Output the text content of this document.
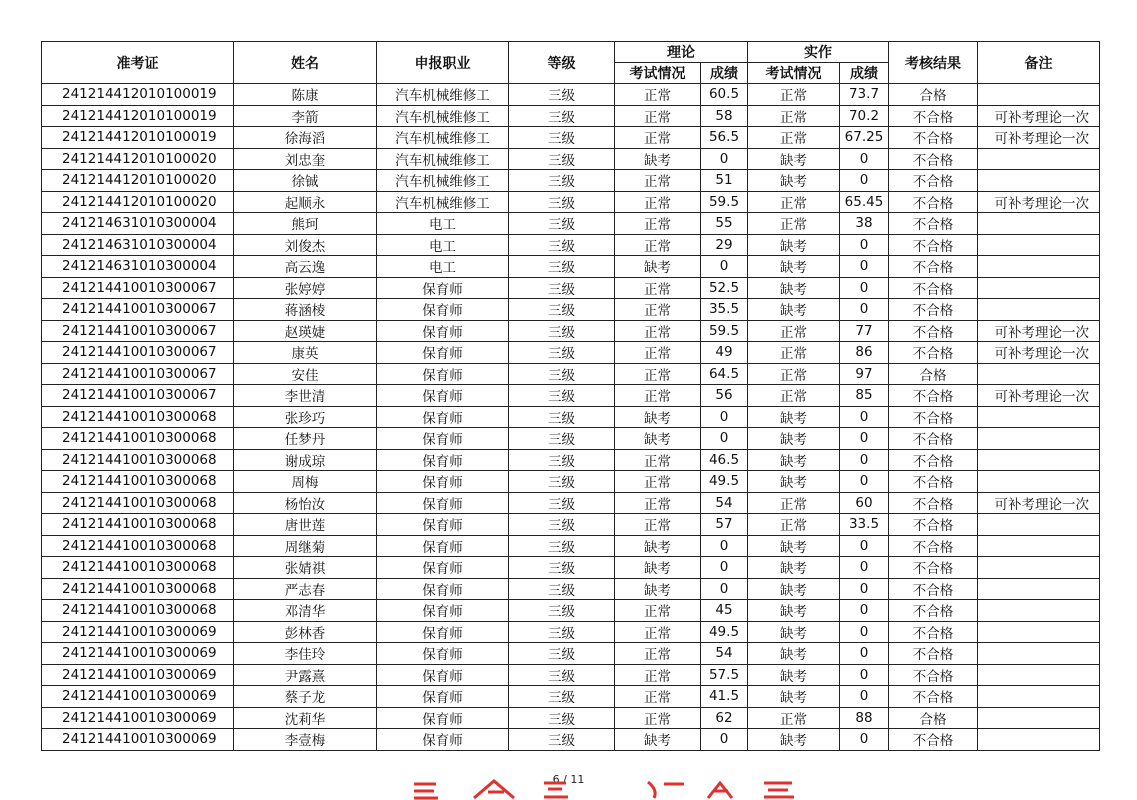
准考证	姓名	申报职业	等级	理论		实作		考核结果	备注
				考试情况	成绩	考试情况	成绩		
241214412010100019	陈康	汽车机械维修工	三级	正常	60.5	正常	73.7	合格	
241214412010100019	李箭	汽车机械维修工	三级	正常	58	正常	70.2	不合格	可补考理论一次
241214412010100019	徐海滔	汽车机械维修工	三级	正常	56.5	正常	67.25	不合格	可补考理论一次
241214412010100020	刘忠奎	汽车机械维修工	三级	缺考	0	缺考	0	不合格	
241214412010100020	徐铖	汽车机械维修工	三级	正常	51	缺考	0	不合格	
241214412010100020	起顺永	汽车机械维修工	三级	正常	59.5	正常	65.45	不合格	可补考理论一次
241214631010300004	熊珂	电工	三级	正常	55	正常	38	不合格	
241214631010300004	刘俊杰	电工	三级	正常	29	缺考	0	不合格	
241214631010300004	高云逸	电工	三级	缺考	0	缺考	0	不合格	
241214410010300067	张婷婷	保育师	三级	正常	52.5	缺考	0	不合格	
241214410010300067	蒋涵棱	保育师	三级	正常	35.5	缺考	0	不合格	
241214410010300067	赵瑛婕	保育师	三级	正常	59.5	正常	77	不合格	可补考理论一次
241214410010300067	康英	保育师	三级	正常	49	正常	86	不合格	可补考理论一次
241214410010300067	安佳	保育师	三级	正常	64.5	正常	97	合格	
241214410010300067	李世清	保育师	三级	正常	56	正常	85	不合格	可补考理论一次
241214410010300068	张珍巧	保育师	三级	缺考	0	缺考	0	不合格	
241214410010300068	任梦丹	保育师	三级	缺考	0	缺考	0	不合格	
241214410010300068	谢成琼	保育师	三级	正常	46.5	缺考	0	不合格	
241214410010300068	周梅	保育师	三级	正常	49.5	缺考	0	不合格	
241214410010300068	杨怡汝	保育师	三级	正常	54	正常	60	不合格	可补考理论一次
241214410010300068	唐世莲	保育师	三级	正常	57	正常	33.5	不合格	
241214410010300068	周继菊	保育师	三级	缺考	0	缺考	0	不合格	
241214410010300068	张婧祺	保育师	三级	缺考	0	缺考	0	不合格	
241214410010300068	严志春	保育师	三级	缺考	0	缺考	0	不合格	
241214410010300068	邓清华	保育师	三级	正常	45	缺考	0	不合格	
241214410010300069	彭林香	保育师	三级	正常	49.5	缺考	0	不合格	
241214410010300069	李佳玲	保育师	三级	正常	54	缺考	0	不合格	
241214410010300069	尹露熹	保育师	三级	正常	57.5	缺考	0	不合格	
241214410010300069	蔡子龙	保育师	三级	正常	41.5	缺考	0	不合格	
241214410010300069	沈莉华	保育师	三级	正常	62	正常	88	合格	
241214410010300069	李壹梅	保育师	三级	缺考	0	缺考	0	不合格	
6 / 11
